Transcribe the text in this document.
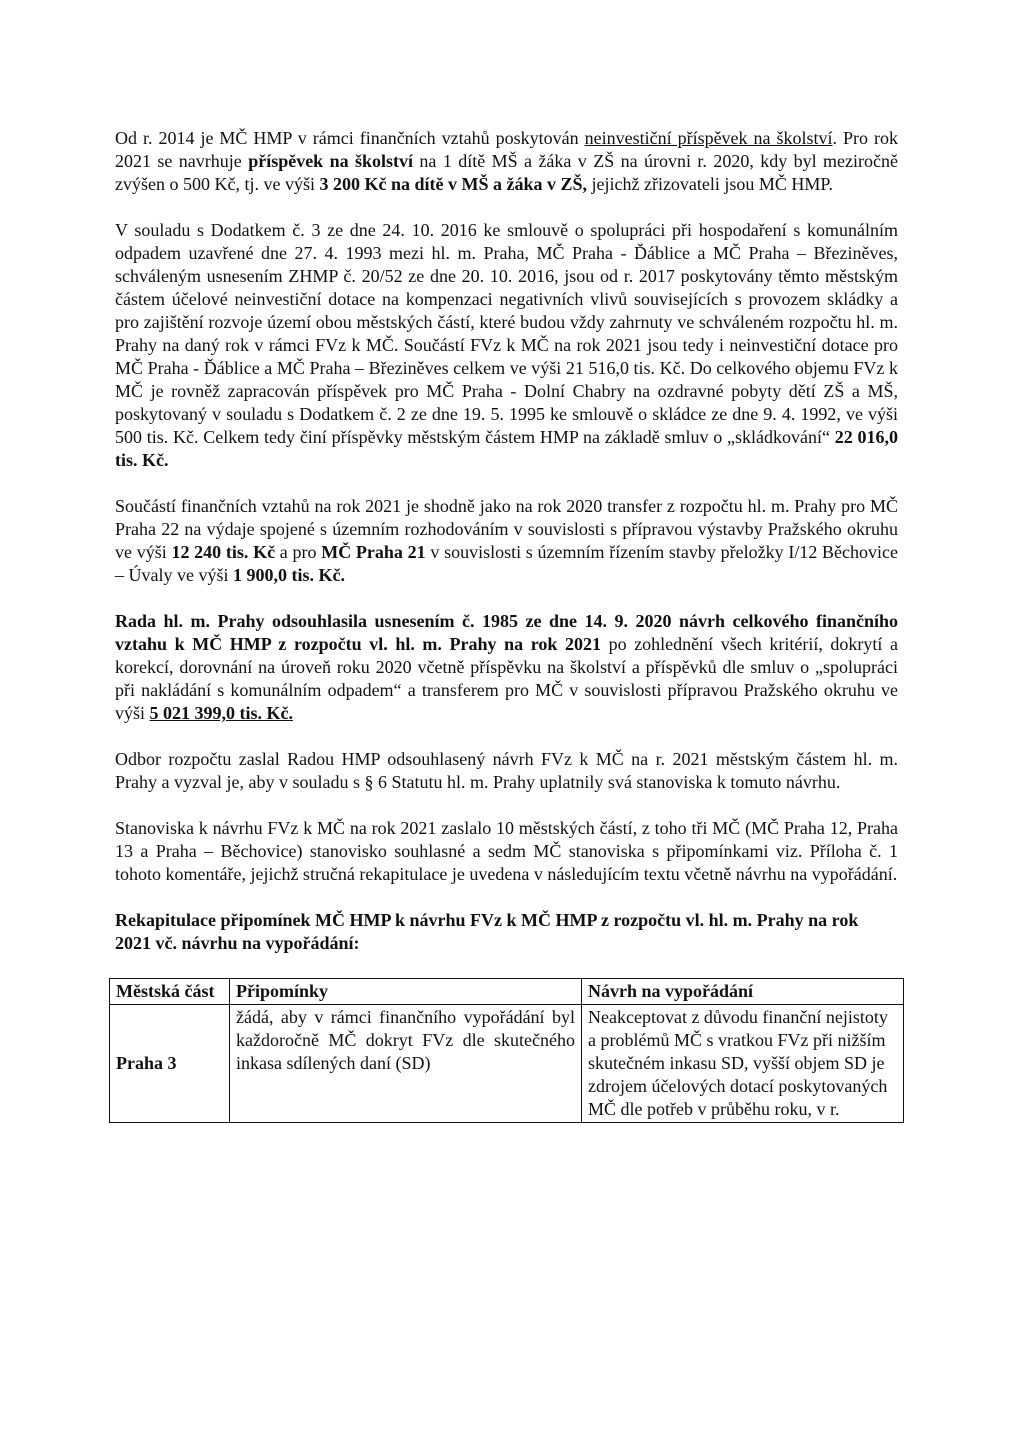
Od r. 2014 je MČ HMP v rámci finančních vztahů poskytován neinvestiční příspěvek na školství. Pro rok 2021 se navrhuje příspěvek na školství na 1 dítě MŠ a žáka v ZŠ na úrovni r. 2020, kdy byl meziročně zvýšen o 500 Kč, tj. ve výši 3 200 Kč na dítě v MŠ a žáka v ZŠ, jejichž zřizovateli jsou MČ HMP.

V souladu s Dodatkem č. 3 ze dne 24. 10. 2016 ke smlouvě o spolupráci při hospodaření s komunálním odpadem uzavřené dne 27. 4. 1993 mezi hl. m. Praha, MČ Praha - Ďáblice a MČ Praha – Březiněves, schváleným usnesením ZHMP č. 20/52 ze dne 20. 10. 2016, jsou od r. 2017 poskytovány těmto městským částem účelové neinvestiční dotace na kompenzaci negativních vlivů souvisejících s provozem skládky a pro zajištění rozvoje území obou městských částí, které budou vždy zahrnuty ve schváleném rozpočtu hl. m. Prahy na daný rok v rámci FVz k MČ. Součástí FVz k MČ na rok 2021 jsou tedy i neinvestiční dotace pro MČ Praha - Ďáblice a MČ Praha – Březiněves celkem ve výši 21 516,0 tis. Kč. Do celkového objemu FVz k MČ je rovněž zapracován příspěvek pro MČ Praha - Dolní Chabry na ozdravné pobyty dětí ZŠ a MŠ, poskytovaný v souladu s Dodatkem č. 2 ze dne 19. 5. 1995 ke smlouvě o skládce ze dne 9. 4. 1992, ve výši 500 tis. Kč. Celkem tedy činí příspěvky městským částem HMP na základě smluv o „skládkování“ 22 016,0 tis. Kč.

Součástí finančních vztahů na rok 2021 je shodně jako na rok 2020 transfer z rozpočtu hl. m. Prahy pro MČ Praha 22 na výdaje spojené s územním rozhodováním v souvislosti s přípravou výstavby Pražského okruhu ve výši 12 240 tis. Kč a pro MČ Praha 21 v souvislosti s územním řízením stavby přeložky I/12 Běchovice – Úvaly ve výši 1 900,0 tis. Kč.

Rada hl. m. Prahy odsouhlasila usnesením č. 1985 ze dne 14. 9. 2020 návrh celkového finančního vztahu k MČ HMP z rozpočtu vl. hl. m. Prahy na rok 2021 po zohlednění všech kritérií, dokrytí a korekcí, dorovnání na úroveň roku 2020 včetně příspěvku na školství a příspěvků dle smluv o „spolupráci při nakládání s komunálním odpadem“ a transferem pro MČ v souvislosti přípravou Pražského okruhu ve výši 5 021 399,0 tis. Kč.

Odbor rozpočtu zaslal Radou HMP odsouhlasený návrh FVz k MČ na r. 2021 městským částem hl. m. Prahy a vyzval je, aby v souladu s § 6 Statutu hl. m. Prahy uplatnily svá stanoviska k tomuto návrhu.

Stanoviska k návrhu FVz k MČ na rok 2021 zaslalo 10 městských částí, z toho tři MČ (MČ Praha 12, Praha 13 a Praha – Běchovice) stanovisko souhlasné a sedm MČ stanoviska s připomínkami viz. Příloha č. 1 tohoto komentáře, jejichž stručná rekapitulace je uvedena v následujícím textu včetně návrhu na vypořádání.

Rekapitulace připomínek MČ HMP k návrhu FVz k MČ HMP z rozpočtu vl. hl. m. Prahy na rok 2021 vč. návrhu na vypořádání:
Městská část	Připomínky	Návrh na vypořádání
Praha 3	žádá, aby v rámci finančního vypořádání byl každoročně MČ dokryt FVz dle skutečného inkasa sdílených daní (SD)	Neakceptovat z důvodu finanční nejistoty a problémů MČ s vratkou FVz při nižším skutečném inkasu SD, vyšší objem SD je zdrojem účelových dotací poskytovaných MČ dle potřeb v průběhu roku, v r.
